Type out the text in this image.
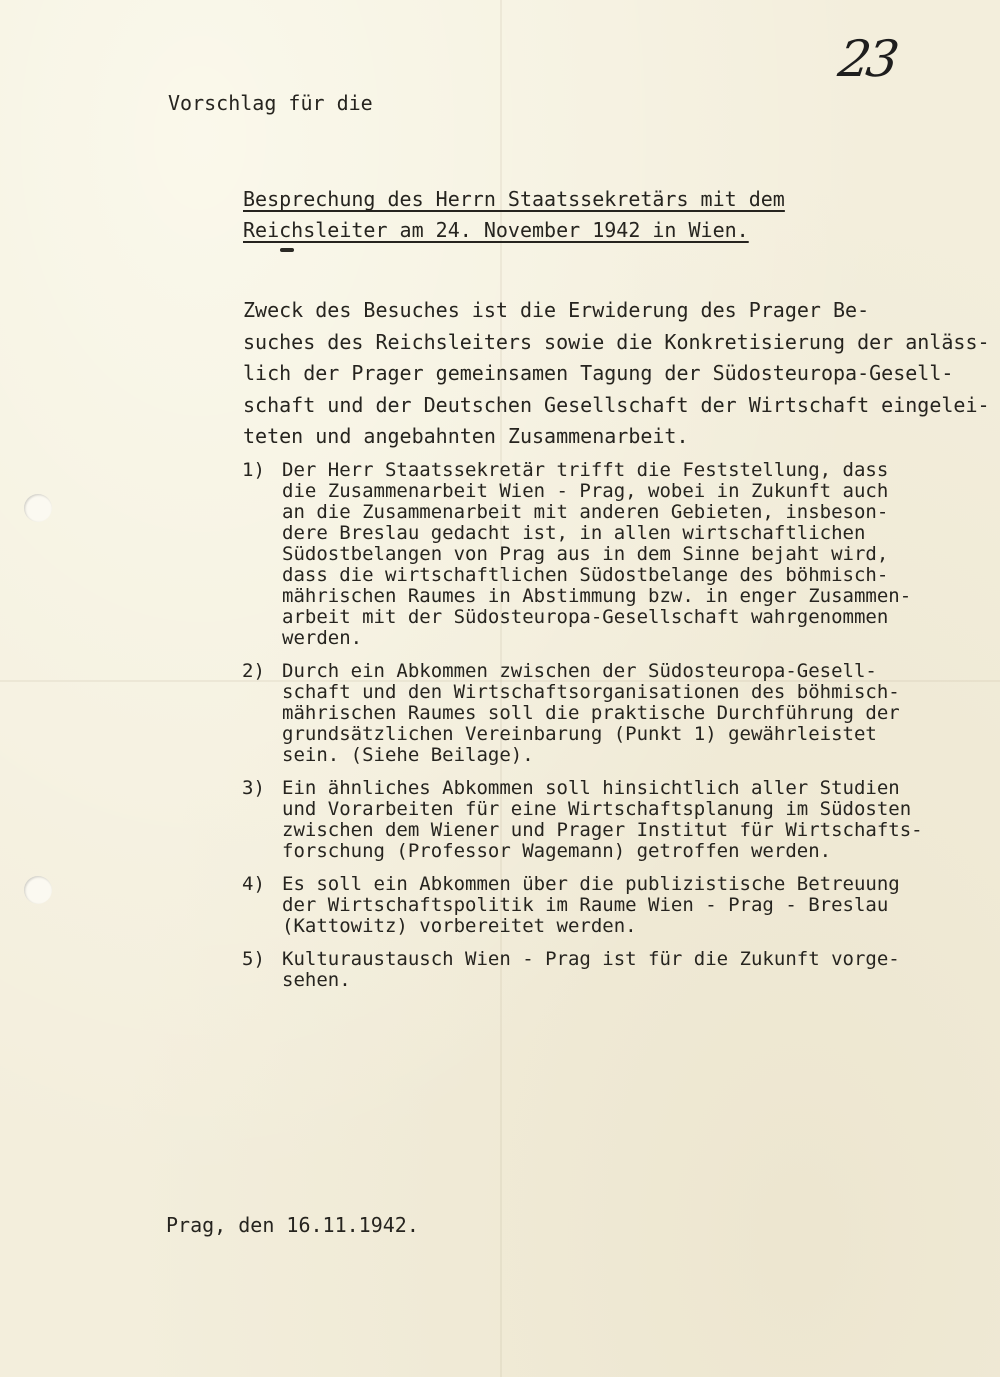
23
Vorschlag für die
Besprechung des Herrn Staatssekretärs mit dem
Reichsleiter am 24. November 1942 in Wien.
Zweck des Besuches ist die Erwiderung des Prager Be-
suches des Reichsleiters sowie die Konkretisierung der anläss-
lich der Prager gemeinsamen Tagung der Südosteuropa-Gesell-
schaft und der Deutschen Gesellschaft der Wirtschaft eingelei-
teten und angebahnten Zusammenarbeit.
1) Der Herr Staatssekretär trifft die Feststellung, dass
die Zusammenarbeit Wien - Prag, wobei in Zukunft auch
an die Zusammenarbeit mit anderen Gebieten, insbeson-
dere Breslau gedacht ist, in allen wirtschaftlichen
Südostbelangen von Prag aus in dem Sinne bejaht wird,
dass die wirtschaftlichen Südostbelange des böhmisch-
mährischen Raumes in Abstimmung bzw. in enger Zusammen-
arbeit mit der Südosteuropa-Gesellschaft wahrgenommen
werden.
2) Durch ein Abkommen zwischen der Südosteuropa-Gesell-
schaft und den Wirtschaftsorganisationen des böhmisch-
mährischen Raumes soll die praktische Durchführung der
grundsätzlichen Vereinbarung (Punkt 1) gewährleistet
sein. (Siehe Beilage).
3) Ein ähnliches Abkommen soll hinsichtlich aller Studien
und Vorarbeiten für eine Wirtschaftsplanung im Südosten
zwischen dem Wiener und Prager Institut für Wirtschafts-
forschung (Professor Wagemann) getroffen werden.
4) Es soll ein Abkommen über die publizistische Betreuung
der Wirtschaftspolitik im Raume Wien - Prag - Breslau
(Kattowitz) vorbereitet werden.
5) Kulturaustausch Wien - Prag ist für die Zukunft vorge-
sehen.
Prag, den 16.11.1942.
